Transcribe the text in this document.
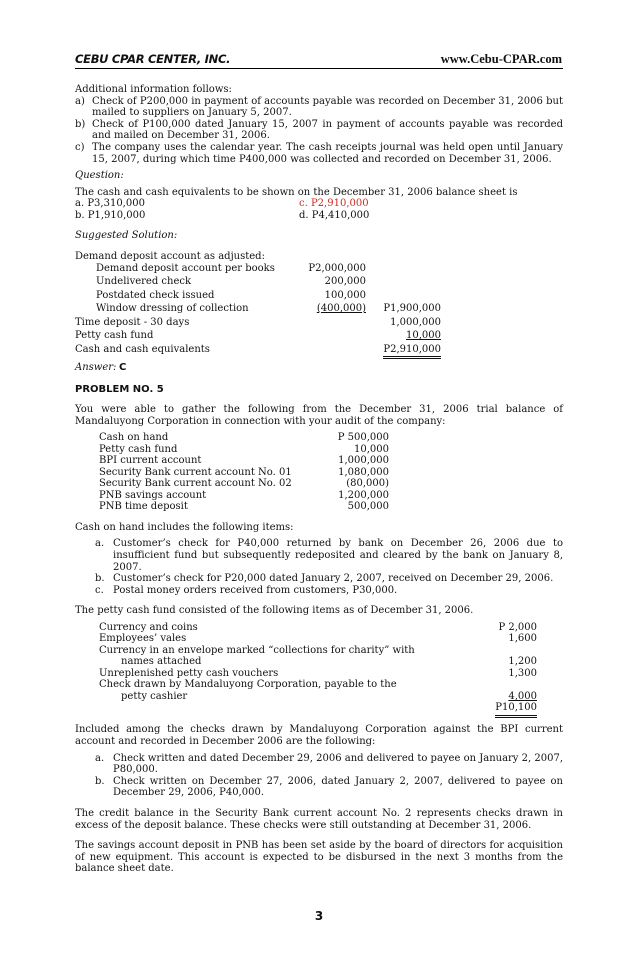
CEBU CPAR CENTER, INC.	www.Cebu-CPAR.com

Additional information follows:

a) Check of P200,000 in payment of accounts payable was recorded on December 31, 2006 but mailed to suppliers on January 5, 2007.
b) Check of P100,000 dated January 15, 2007 in payment of accounts payable was recorded and mailed on December 31, 2006.
c) The company uses the calendar year. The cash receipts journal was held open until January 15, 2007, during which time P400,000 was collected and recorded on December 31, 2006.

Question:

The cash and cash equivalents to be shown on the December 31, 2006 balance sheet is

a. P3,310,000	c. P2,910,000
b. P1,910,000	d. P4,410,000

Suggested Solution:

Demand deposit account as adjusted:

Demand deposit account per books	P2,000,000
Undelivered check	200,000
Postdated check issued	100,000
Window dressing of collection	(400,000) P1,900,000
Time deposit - 30 days	1,000,000
Petty cash fund	10,000
Cash and cash equivalents	P2,910,000
Answer: C

PROBLEM NO. 5

You were able to gather the following from the December 31, 2006 trial balance of Mandaluyong Corporation in connection with your audit of the company:

Cash on hand	P 500,000
Petty cash fund	10,000
BPI current account	1,000,000
Security Bank current account No. 01	1,080,000
Security Bank current account No. 02	(80,000)
PNB savings account	1,200,000
PNB time deposit	500,000

Cash on hand includes the following items:

a. Customer’s check for P40,000 returned by bank on December 26, 2006 due to insufficient fund but subsequently redeposited and cleared by the bank on January 8, 2007.
b. Customer’s check for P20,000 dated January 2, 2007, received on December 29, 2006.
c. Postal money orders received from customers, P30,000.

The petty cash fund consisted of the following items as of December 31, 2006.

Currency and coins	P 2,000
Employees’ vales	1,600
Currency in an envelope marked “collections for charity” with
names attached	1,200
Unreplenished petty cash vouchers	1,300
Check drawn by Mandaluyong Corporation, payable to the
petty cashier	4,000
P10,100

Included among the checks drawn by Mandaluyong Corporation against the BPI current account and recorded in December 2006 are the following:

a. Check written and dated December 29, 2006 and delivered to payee on January 2, 2007, P80,000.
b. Check written on December 27, 2006, dated January 2, 2007, delivered to payee on December 29, 2006, P40,000.

The credit balance in the Security Bank current account No. 2 represents checks drawn in excess of the deposit balance. These checks were still outstanding at December 31, 2006.

The savings account deposit in PNB has been set aside by the board of directors for acquisition of new equipment. This account is expected to be disbursed in the next 3 months from the balance sheet date.

3
